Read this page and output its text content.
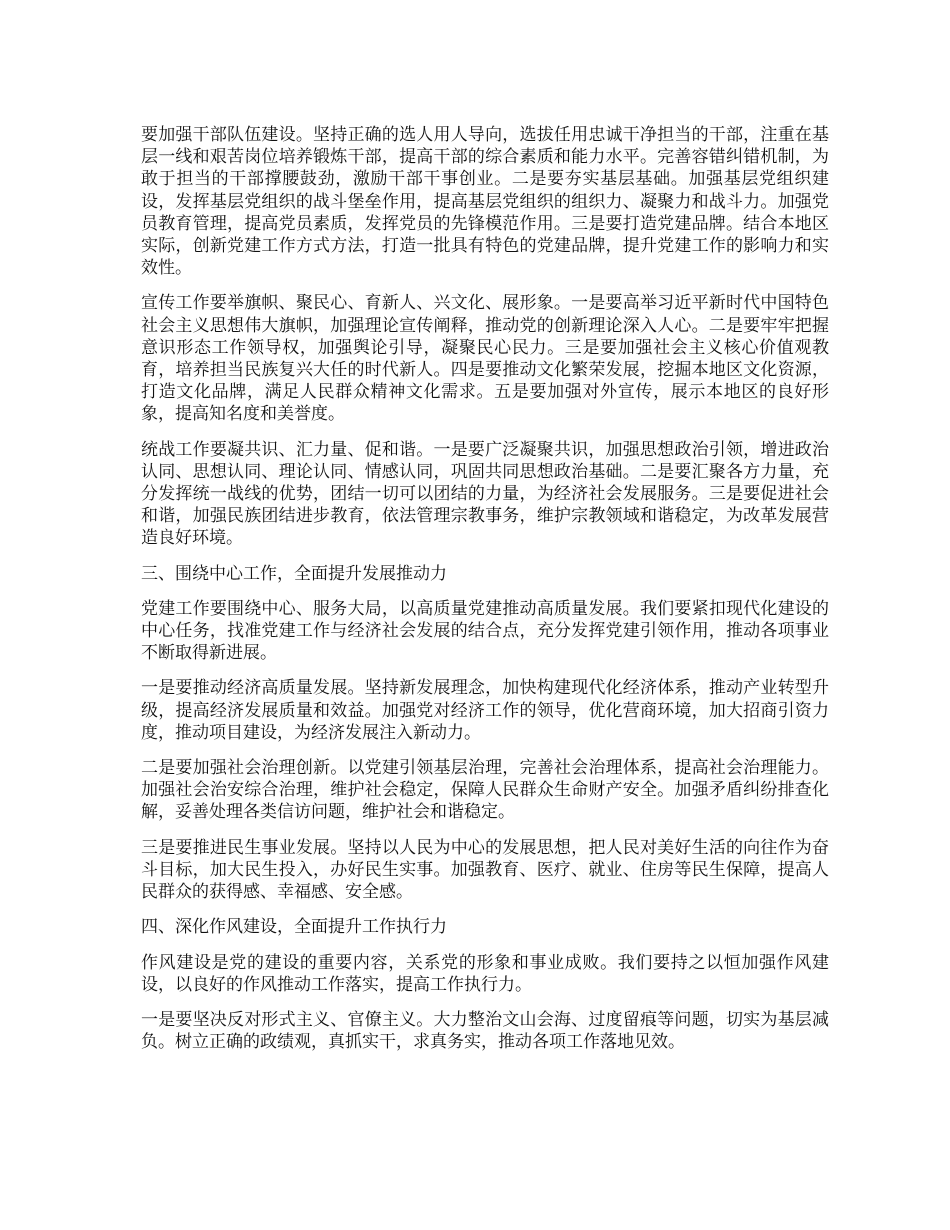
要加强干部队伍建设。坚持正确的选人用人导向，选拔任用忠诚干净担当的干部，注重在基层一线和艰苦岗位培养锻炼干部，提高干部的综合素质和能力水平。完善容错纠错机制，为敢于担当的干部撑腰鼓劲，激励干部干事创业。二是要夯实基层基础。加强基层党组织建设，发挥基层党组织的战斗堡垒作用，提高基层党组织的组织力、凝聚力和战斗力。加强党员教育管理，提高党员素质，发挥党员的先锋模范作用。三是要打造党建品牌。结合本地区实际，创新党建工作方式方法，打造一批具有特色的党建品牌，提升党建工作的影响力和实效性。

宣传工作要举旗帜、聚民心、育新人、兴文化、展形象。一是要高举习近平新时代中国特色社会主义思想伟大旗帜，加强理论宣传阐释，推动党的创新理论深入人心。二是要牢牢把握意识形态工作领导权，加强舆论引导，凝聚民心民力。三是要加强社会主义核心价值观教育，培养担当民族复兴大任的时代新人。四是要推动文化繁荣发展，挖掘本地区文化资源，打造文化品牌，满足人民群众精神文化需求。五是要加强对外宣传，展示本地区的良好形象，提高知名度和美誉度。

统战工作要凝共识、汇力量、促和谐。一是要广泛凝聚共识，加强思想政治引领，增进政治认同、思想认同、理论认同、情感认同，巩固共同思想政治基础。二是要汇聚各方力量，充分发挥统一战线的优势，团结一切可以团结的力量，为经济社会发展服务。三是要促进社会和谐，加强民族团结进步教育，依法管理宗教事务，维护宗教领域和谐稳定，为改革发展营造良好环境。

三、围绕中心工作，全面提升发展推动力

党建工作要围绕中心、服务大局，以高质量党建推动高质量发展。我们要紧扣现代化建设的中心任务，找准党建工作与经济社会发展的结合点，充分发挥党建引领作用，推动各项事业不断取得新进展。

一是要推动经济高质量发展。坚持新发展理念，加快构建现代化经济体系，推动产业转型升级，提高经济发展质量和效益。加强党对经济工作的领导，优化营商环境，加大招商引资力度，推动项目建设，为经济发展注入新动力。

二是要加强社会治理创新。以党建引领基层治理，完善社会治理体系，提高社会治理能力。加强社会治安综合治理，维护社会稳定，保障人民群众生命财产安全。加强矛盾纠纷排查化解，妥善处理各类信访问题，维护社会和谐稳定。

三是要推进民生事业发展。坚持以人民为中心的发展思想，把人民对美好生活的向往作为奋斗目标，加大民生投入，办好民生实事。加强教育、医疗、就业、住房等民生保障，提高人民群众的获得感、幸福感、安全感。

四、深化作风建设，全面提升工作执行力

作风建设是党的建设的重要内容，关系党的形象和事业成败。我们要持之以恒加强作风建设，以良好的作风推动工作落实，提高工作执行力。

一是要坚决反对形式主义、官僚主义。大力整治文山会海、过度留痕等问题，切实为基层减负。树立正确的政绩观，真抓实干，求真务实，推动各项工作落地见效。
